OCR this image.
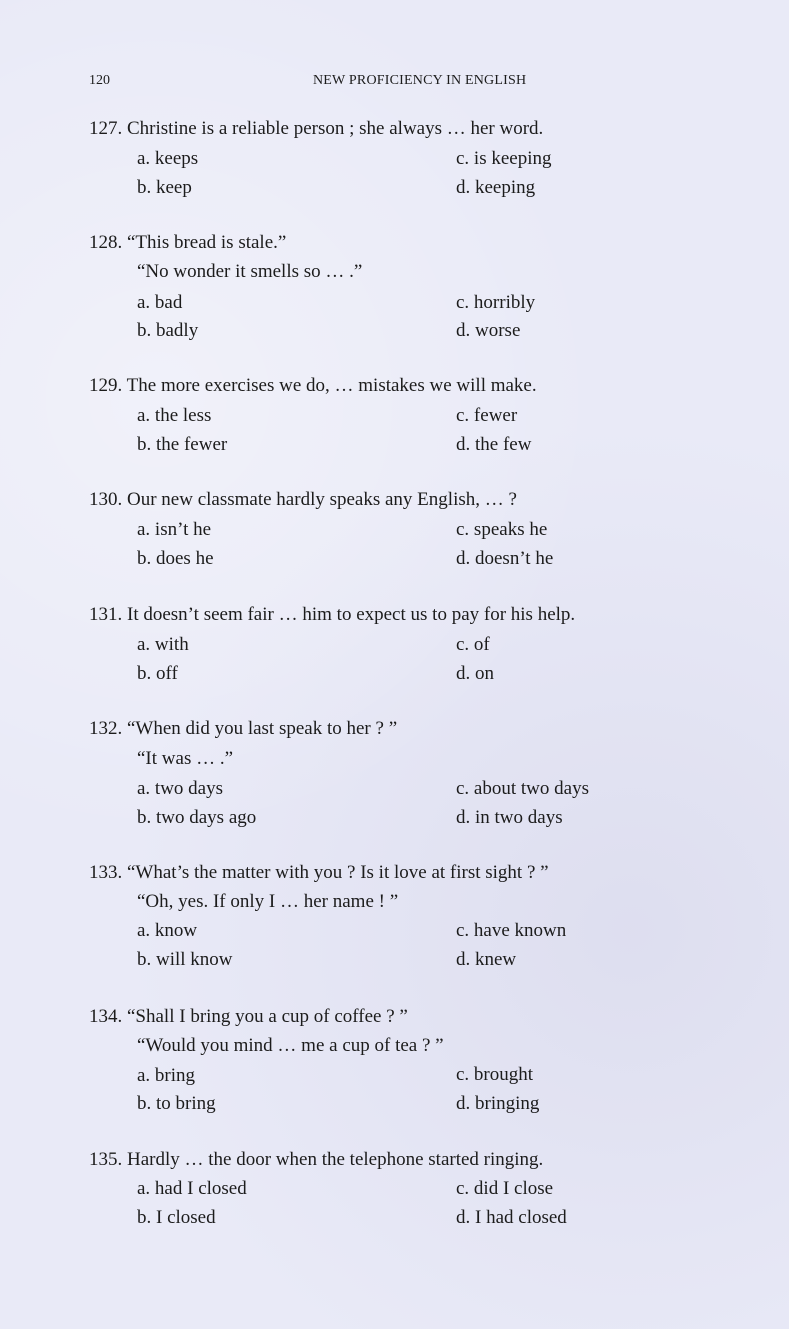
120	NEW PROFICIENCY IN ENGLISH
127. Christine is a reliable person ; she always … her word.
a. keeps	c. is keeping
b. keep	d. keeping
128. “This bread is stale.”
“No wonder it smells so … .”
a. bad	c. horribly
b. badly	d. worse
129. The more exercises we do, … mistakes we will make.
a. the less	c. fewer
b. the fewer	d. the few
130. Our new classmate hardly speaks any English, … ?
a. isn’t he	c. speaks he
b. does he	d. doesn’t he
131. It doesn’t seem fair … him to expect us to pay for his help.
a. with	c. of
b. off	d. on
132. “When did you last speak to her ? ”
“It was … .”
a. two days	c. about two days
b. two days ago	d. in two days
133. “What’s the matter with you ? Is it love at first sight ? ”
“Oh, yes. If only I … her name ! ”
a. know	c. have known
b. will know	d. knew
134. “Shall I bring you a cup of coffee ? ”
“Would you mind … me a cup of tea ? ”
a. bring	c. brought
b. to bring	d. bringing
135. Hardly … the door when the telephone started ringing.
a. had I closed	c. did I close
b. I closed	d. I had closed
